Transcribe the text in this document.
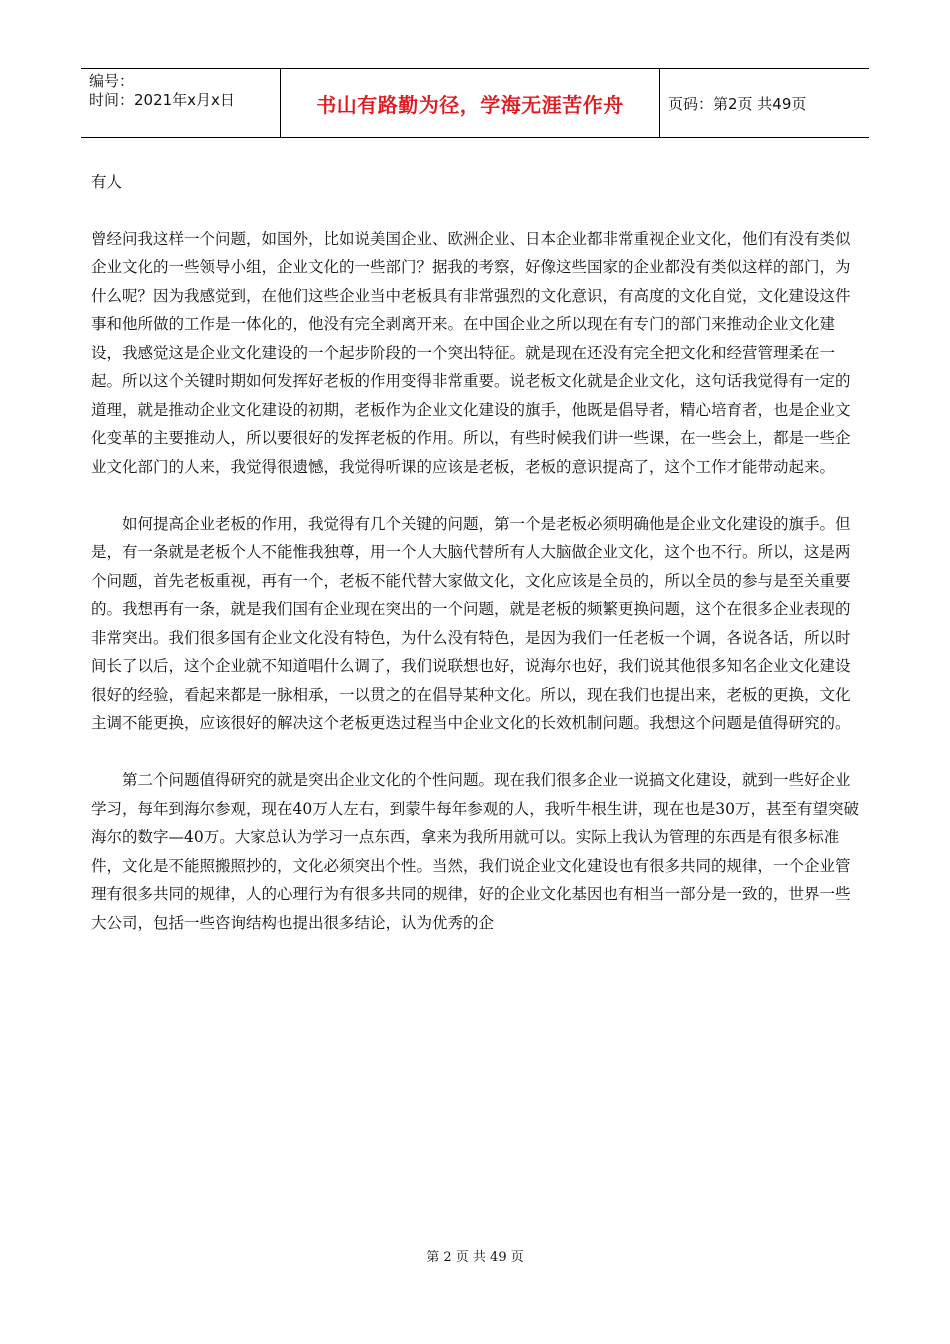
编号：
时间：2021年x月x日	书山有路勤为径，学海无涯苦作舟	页码：第2页 共49页

有人

曾经问我这样一个问题，如国外，比如说美国企业、欧洲企业、日本企业都非常重视企业文化，他们有没有类似企业文化的一些领导小组，企业文化的一些部门？据我的考察，好像这些国家的企业都没有类似这样的部门，为什么呢？因为我感觉到，在他们这些企业当中老板具有非常强烈的文化意识，有高度的文化自觉，文化建设这件事和他所做的工作是一体化的，他没有完全剥离开来。在中国企业之所以现在有专门的部门来推动企业文化建设，我感觉这是企业文化建设的一个起步阶段的一个突出特征。就是现在还没有完全把文化和经营管理柔在一起。所以这个关键时期如何发挥好老板的作用变得非常重要。说老板文化就是企业文化，这句话我觉得有一定的道理，就是推动企业文化建设的初期，老板作为企业文化建设的旗手，他既是倡导者，精心培育者，也是企业文化变革的主要推动人，所以要很好的发挥老板的作用。所以，有些时候我们讲一些课，在一些会上，都是一些企业文化部门的人来，我觉得很遗憾，我觉得听课的应该是老板，老板的意识提高了，这个工作才能带动起来。

如何提高企业老板的作用，我觉得有几个关键的问题，第一个是老板必须明确他是企业文化建设的旗手。但是，有一条就是老板个人不能惟我独尊，用一个人大脑代替所有人大脑做企业文化，这个也不行。所以，这是两个问题，首先老板重视，再有一个，老板不能代替大家做文化，文化应该是全员的，所以全员的参与是至关重要的。我想再有一条，就是我们国有企业现在突出的一个问题，就是老板的频繁更换问题，这个在很多企业表现的非常突出。我们很多国有企业文化没有特色，为什么没有特色，是因为我们一任老板一个调，各说各话，所以时间长了以后，这个企业就不知道唱什么调了，我们说联想也好，说海尔也好，我们说其他很多知名企业文化建设很好的经验，看起来都是一脉相承，一以贯之的在倡导某种文化。所以，现在我们也提出来，老板的更换，文化主调不能更换，应该很好的解决这个老板更迭过程当中企业文化的长效机制问题。我想这个问题是值得研究的。

第二个问题值得研究的就是突出企业文化的个性问题。现在我们很多企业一说搞文化建设，就到一些好企业学习，每年到海尔参观，现在40万人左右，到蒙牛每年参观的人，我听牛根生讲，现在也是30万，甚至有望突破海尔的数字—40万。大家总认为学习一点东西，拿来为我所用就可以。实际上我认为管理的东西是有很多标准件，文化是不能照搬照抄的，文化必须突出个性。当然，我们说企业文化建设也有很多共同的规律，一个企业管理有很多共同的规律，人的心理行为有很多共同的规律，好的企业文化基因也有相当一部分是一致的，世界一些大公司，包括一些咨询结构也提出很多结论，认为优秀的企

第 2 页 共 49 页
